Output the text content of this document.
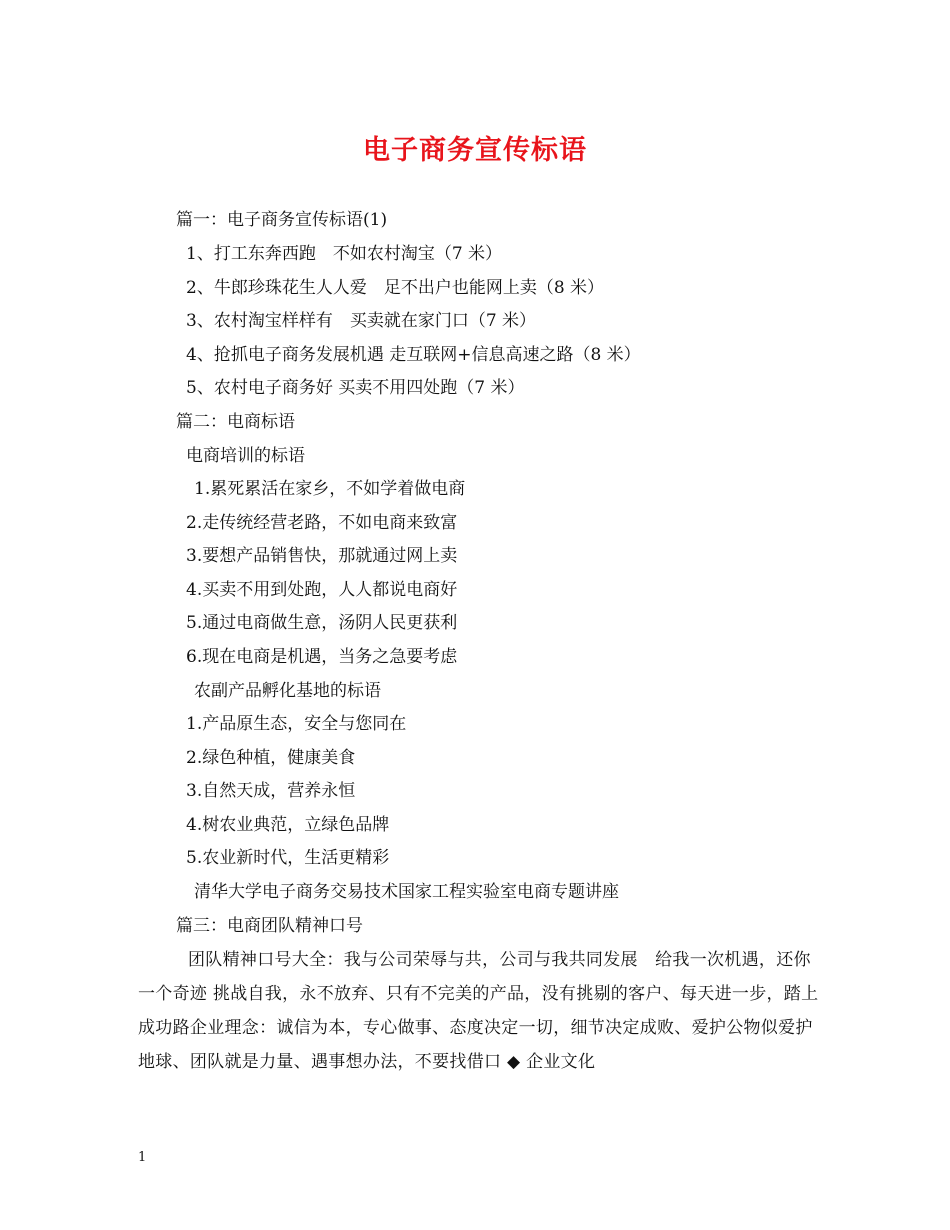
电子商务宣传标语
篇一：电子商务宣传标语(1)
1、打工东奔西跑　不如农村淘宝（7 米）
2、牛郎珍珠花生人人爱　足不出户也能网上卖（8 米）
3、农村淘宝样样有　买卖就在家门口（7 米）
4、抢抓电子商务发展机遇 走互联网+信息高速之路（8 米）
5、农村电子商务好 买卖不用四处跑（7 米）
篇二：电商标语
电商培训的标语
1.累死累活在家乡，不如学着做电商
2.走传统经营老路，不如电商来致富
3.要想产品销售快，那就通过网上卖
4.买卖不用到处跑，人人都说电商好
5.通过电商做生意，汤阴人民更获利
6.现在电商是机遇，当务之急要考虑
农副产品孵化基地的标语
1.产品原生态，安全与您同在
2.绿色种植，健康美食
3.自然天成，营养永恒
4.树农业典范，立绿色品牌
5.农业新时代，生活更精彩
清华大学电子商务交易技术国家工程实验室电商专题讲座
篇三：电商团队精神口号
团队精神口号大全：我与公司荣辱与共，公司与我共同发展　给我一次机遇，还你一个奇迹 挑战自我，永不放弃、只有不完美的产品，没有挑剔的客户、每天进一步，踏上成功路企业理念：诚信为本，专心做事、态度决定一切，细节决定成败、爱护公物似爱护地球、团队就是力量、遇事想办法，不要找借口 ◆ 企业文化
1
